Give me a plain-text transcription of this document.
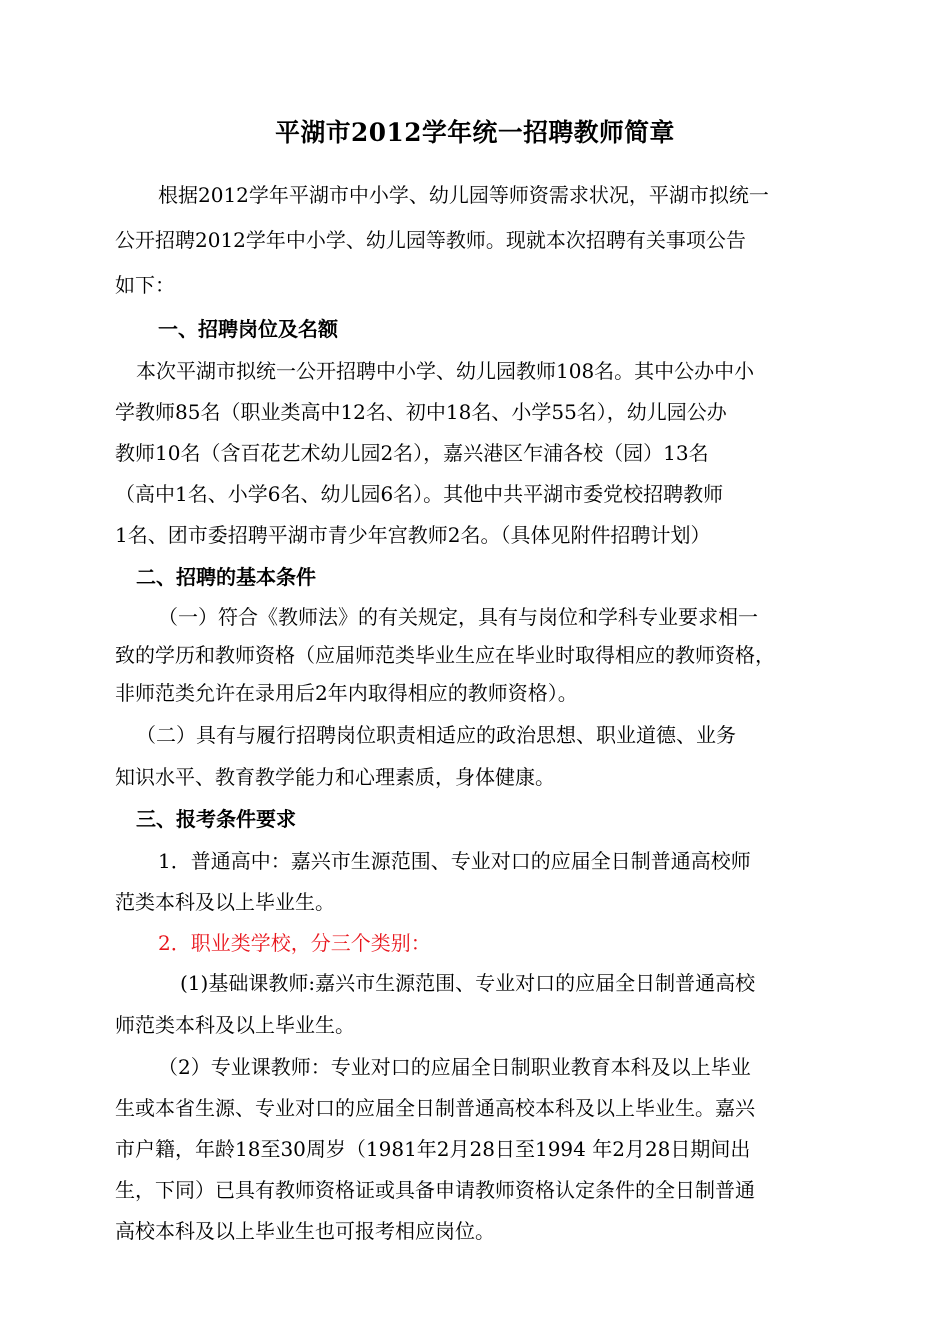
平湖市2012学年统一招聘教师简章
根据2012学年平湖市中小学、幼儿园等师资需求状况，平湖市拟统一
公开招聘2012学年中小学、幼儿园等教师。现就本次招聘有关事项公告
如下：
一、招聘岗位及名额
本次平湖市拟统一公开招聘中小学、幼儿园教师108名。其中公办中小
学教师85名（职业类高中12名、初中18名、小学55名），幼儿园公办
教师10名（含百花艺术幼儿园2名），嘉兴港区乍浦各校（园）13名
（高中1名、小学6名、幼儿园6名）。其他中共平湖市委党校招聘教师
1名、团市委招聘平湖市青少年宫教师2名。（具体见附件招聘计划）
二、招聘的基本条件
（一）符合《教师法》的有关规定，具有与岗位和学科专业要求相一
致的学历和教师资格（应届师范类毕业生应在毕业时取得相应的教师资格，
非师范类允许在录用后2年内取得相应的教师资格）。
（二）具有与履行招聘岗位职责相适应的政治思想、职业道德、业务
知识水平、教育教学能力和心理素质，身体健康。
三、报考条件要求
1．普通高中：嘉兴市生源范围、专业对口的应届全日制普通高校师
范类本科及以上毕业生。
2．职业类学校，分三个类别：
(1)基础课教师:嘉兴市生源范围、专业对口的应届全日制普通高校
师范类本科及以上毕业生。
（2）专业课教师：专业对口的应届全日制职业教育本科及以上毕业
生或本省生源、专业对口的应届全日制普通高校本科及以上毕业生。嘉兴
市户籍，年龄18至30周岁（1981年2月28日至1994 年2月28日期间出
生，下同）已具有教师资格证或具备申请教师资格认定条件的全日制普通
高校本科及以上毕业生也可报考相应岗位。
